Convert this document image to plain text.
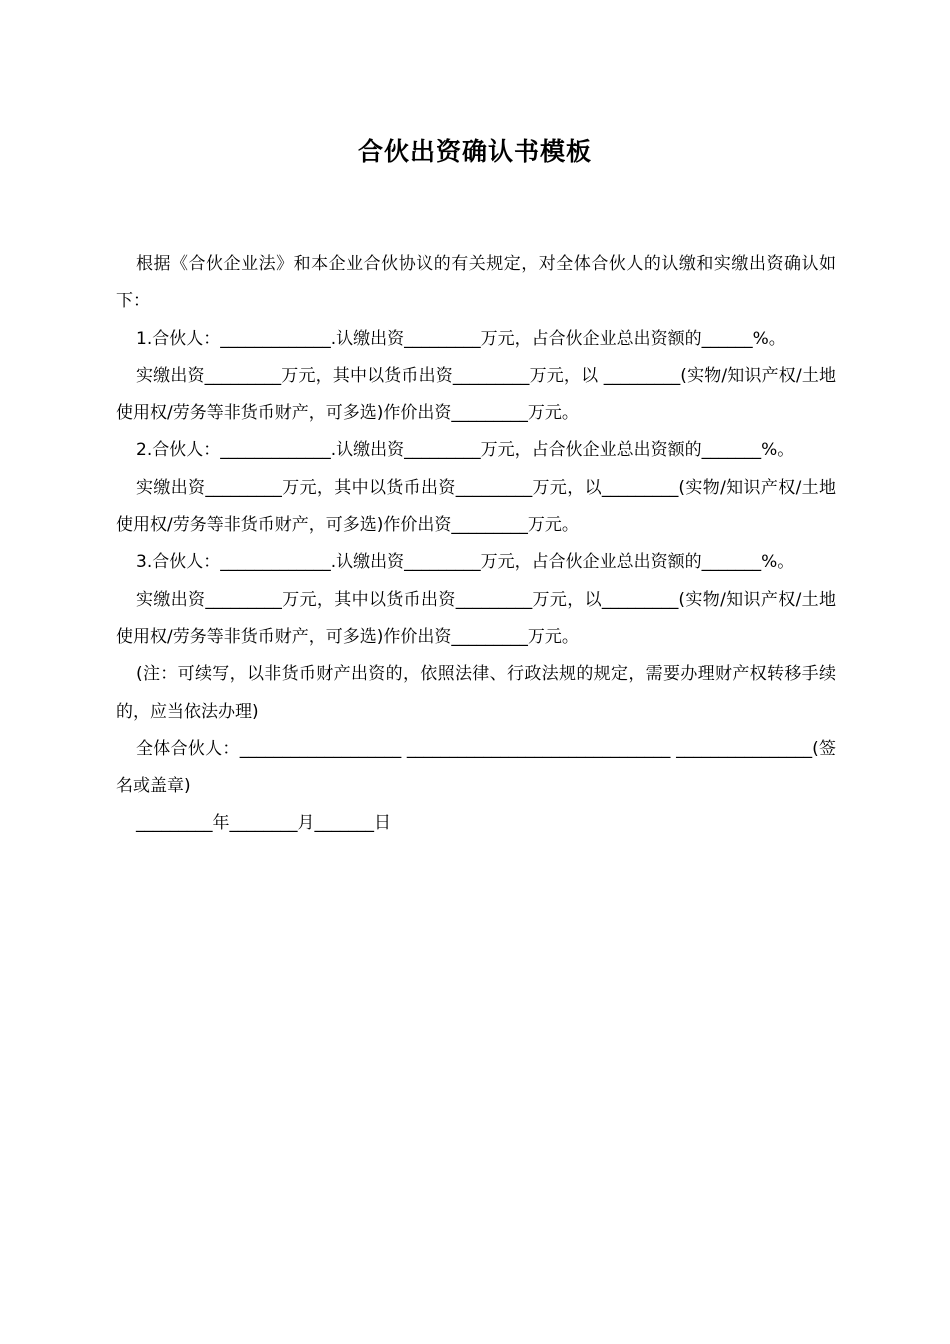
合伙出资确认书模板

根据《合伙企业法》和本企业合伙协议的有关规定，对全体合伙人的认缴和实缴出资确认如下：

1.合伙人：_____________.认缴出资_________万元，占合伙企业总出资额的______%。

实缴出资_________万元，其中以货币出资_________万元，以 _________(实物/知识产权/土地使用权/劳务等非货币财产，可多选)作价出资_________万元。

2.合伙人：_____________.认缴出资_________万元，占合伙企业总出资额的_______%。

实缴出资_________万元，其中以货币出资_________万元，以_________(实物/知识产权/土地使用权/劳务等非货币财产，可多选)作价出资_________万元。

3.合伙人：_____________.认缴出资_________万元，占合伙企业总出资额的_______%。

实缴出资_________万元，其中以货币出资_________万元，以_________(实物/知识产权/土地使用权/劳务等非货币财产，可多选)作价出资_________万元。

(注：可续写，以非货币财产出资的，依照法律、行政法规的规定，需要办理财产权转移手续的，应当依法办理)

全体合伙人：___________________ _______________________________ ________________(签名或盖章)

_________年________月_______日
